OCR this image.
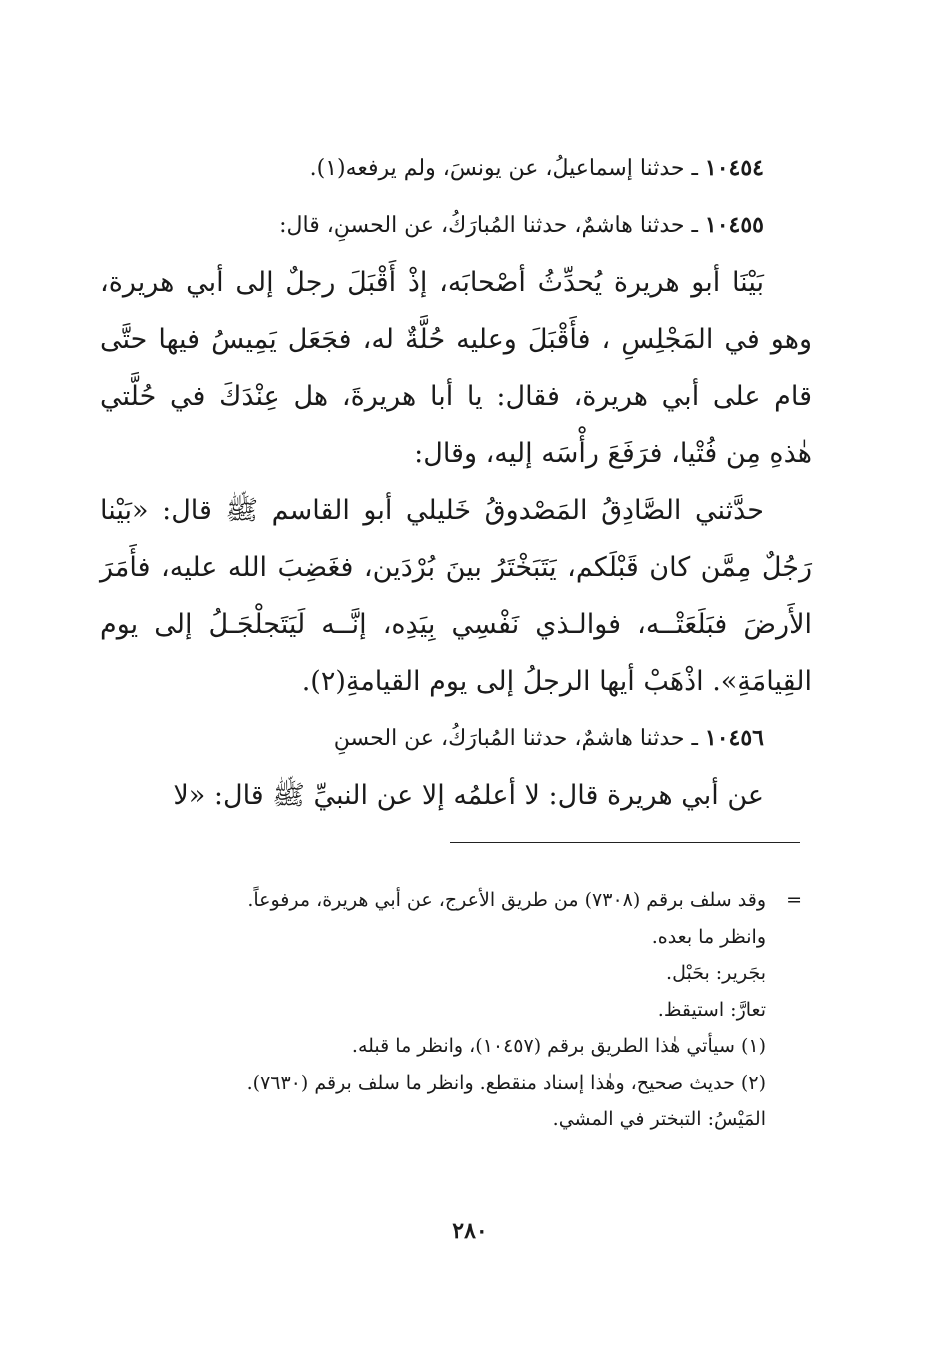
١٠٤٥٤ ـ حدثنا إسماعيلُ، عن يونسَ، ولم يرفعه(١).
١٠٤٥٥ ـ حدثنا هاشمٌ، حدثنا المُبارَكُ، عن الحسنِ، قال:
بَيْنَا أبو هريرة يُحدِّثُ أصْحابَه، إذْ أَقْبَلَ رجلٌ إلى أبي هريرة،
وهو في المَجْلِسِ ، فأَقْبَلَ وعليه حُلَّةٌ له، فجَعَل يَمِيسُ فيها حتَّى
قام على أبي هريرة، فقال: يا أبا هريرةَ، هل عِنْدَكَ في حُلَّتي
هٰذهِ مِن فُتْيا، فرَفَعَ رأْسَه إليه، وقال:
حدَّثني الصَّادِقُ المَصْدوقُ خَليلي أبو القاسم ﷺ قال: «بَيْنا
رَجُلٌ مِمَّن كان قَبْلَكم، يَتَبَخْتَرُ بينَ بُرْدَين، فغَضِبَ الله عليه، فأَمَرَ
الأَرضَ فبَلَعَتْــه، فوالـذي نَفْسِي بِيَدِه، إنَّــه لَيَتَجلْجَـلُ إلى يوم
القِيامَةِ». اذْهَبْ أيها الرجلُ إلى يوم القيامةِ(٢).
١٠٤٥٦ ـ حدثنا هاشمٌ، حدثنا المُبارَكُ، عن الحسنِ
عن أبي هريرة قال: لا أعلمُه إلا عن النبيِّ ﷺ قال: «لا
=
وقد سلف برقم (٧٣٠٨) من طريق الأعرج، عن أبي هريرة، مرفوعاً.
وانظر ما بعده.
بجَرير: بحَبْل.
تعارَّ: استيقظ.
(١) سيأتي هٰذا الطريق برقم (١٠٤٥٧)، وانظر ما قبله.
(٢) حديث صحيح، وهٰذا إسناد منقطع. وانظر ما سلف برقم (٧٦٣٠).
المَيْسُ: التبختر في المشي.
٢٨٠
